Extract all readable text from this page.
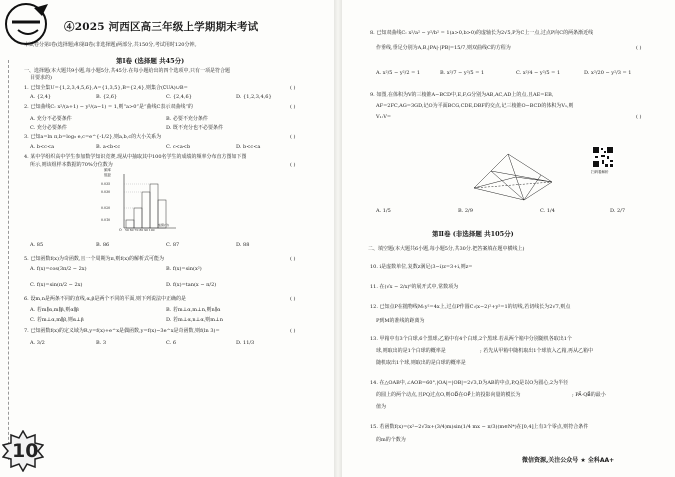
④2025 河西区高三年级上学期期末考试
本试卷分第Ⅰ卷(选择题)和第Ⅱ卷(非选择题)两部分,共150分,考试用时120分钟。
第Ⅰ卷 (选择题 共45分)
一、选择题(本大题共9小题,每小题5分,共45分.在每小题给出的四个选项中,只有一项是符合题
目要求的)
1. 已知全集U={1,2,3,4,5,6},A={1,3,5},B={2,4},则集合(∁UA)∪B=	( )
A. {2,4}	B. {2,6}	C. {2,4,6}	D. {1,2,3,4,6}
2. 已知曲线C: x²/(a+1) − y²/(a−1) = 1,则“a>0”是“曲线C表示双曲线”的	( )
A. 充分不必要条件	B. 必要不充分条件
C. 充分必要条件	D. 既不充分也不必要条件
3. 已知a=ln π,b=log₃ e,c=e^{-1/2},则a,b,c的大小关系为	( )
A. b<c<a	B. a<b<c	C. c<a<b	D. b<c<a
4. 某中学组织高中学生参加数学知识竞赛,现从中抽取其中100名学生的成绩的频率分布直方图如下图
所示,则该组样本数据的70%分位数为	( )
频率
组距
0.035
0.030
0.020
0.010
O 50 60 70 80 90 100
成绩(分)
A. 85	B. 86	C. 87	D. 88
5. 已知函数f(x)为奇函数,且一个周期为π,则f(x)的解析式可能为	( )
A. f(x)=cos(3π/2 − 2x)	B. f(x)=sin(x²)
C. f(x)=sin(π/2 − 2x)	D. f(x)=tan(x − π/2)
6. 设m,n是两条不同的直线,α,β是两个不同的平面,则下列说法中正确的是	( )
A. 若m∥α,m∥β,则α∥β	B. 若m⊥α,m⊥n,则n∥α
C. 若m⊥α,m∥β,则α⊥β	D. 若m⊥α,n⊥α,则m⊥n
7. 已知函数f(x)的定义域为R,y=f(x)+e^x是偶函数,y=f(x)−3e^x是奇函数,则f(ln 3)=	( )
A. 3/2	B. 3	C. 6	D. 11/3
10
8. 已知双曲线C: x²/a² − y²/b² = 1(a>0,b>0)的虚轴长为2√5,P为C上一点,过点P向C的两条渐近线
作垂线,垂足分别为A,B,|PA|·|PB|=15/7,则双曲线C的方程为	( )
A. x²/5 − y²/2 = 1	B. x²/7 − y²/5 = 1	C. x²/4 − y²/5 = 1	D. x²/20 − y²/3 = 1
9. 如图,在体积为V的三棱锥A−BCD中,E,F,G分别为AB,AC,AD上的点,且AE=EB,
AF=2FC,AG=3GD,记O为平面BCG,CDE,DBF的交点,记三棱锥O−BCD的体积为V₁,则
V₁:V=	( )
扫码看解析
A. 1/5	B. 2/9	C. 1/4	D. 2/7
第Ⅱ卷 (非选择题 共105分)
二、填空题(本大题共6小题,每小题5分,共30分.把答案填在题中横线上)
10. i是虚数单位,复数z满足(3−i)z=3+i,则z=
11. 在(√x − 2/x)⁶的展开式中,常数项为
12. 已知点P在抛物线M:y²=4x上,过点P作圆C:(x−2)²+y²=1的切线,若切线长为2√7,则点
P到M的准线的距离为
13. 甲箱中有3个白球,6个黑球;乙箱中有4个白球,2个黑球.若从两个箱中分别随机各取出1个
球,则取出的是1个白球的概率是	; 若先从甲箱中随机取出1个球放入乙箱,再从乙箱中
随机取出1个球,则取出的是白球的概率是
14. 在△OAB中,∠AOB=60°,|OA|=|OB|=2√3,D为AB的中点,P,Q是以O为圆心,2为半径
的圆上的两个动点,且PQ过点O,则OD⃗在OP⃗上的投影向量的模长为	; PA⃗·QB⃗的最小
值为
15. 若函数f(x)=(x²−2√3x+(3/4)m)sin(1/4 mx − π/3)(m∈N*)在[0,4]上有3个零点,则符合条件
的m的个数为
微信资源,关注公众号 ★ 全科AA+
